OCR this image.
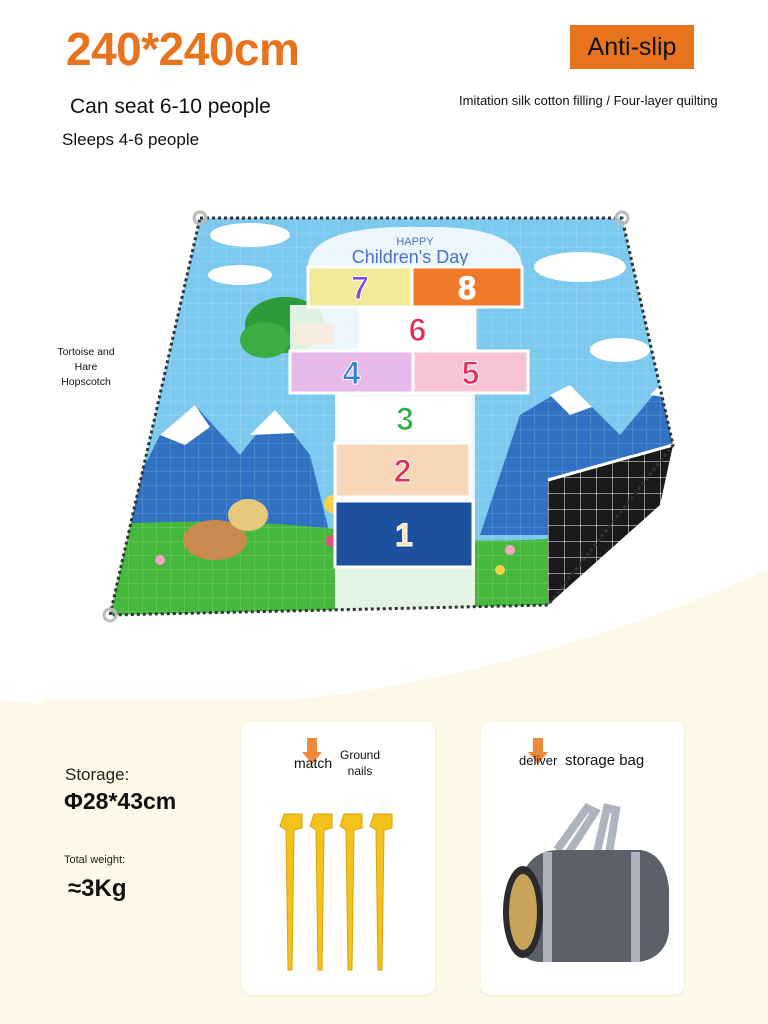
240*240cm	Anti-slip
Can seat 6-10 people
Sleeps 4-6 people
Imitation silk cotton filling / Four-layer quilting
Tortoise and Hare Hopscotch
HAPPY
Children's Day
7	8
6
4	5
3
2
1
Storage:
Φ28*43cm
Total weight:
≈3Kg
match Ground nails
deliver storage bag
